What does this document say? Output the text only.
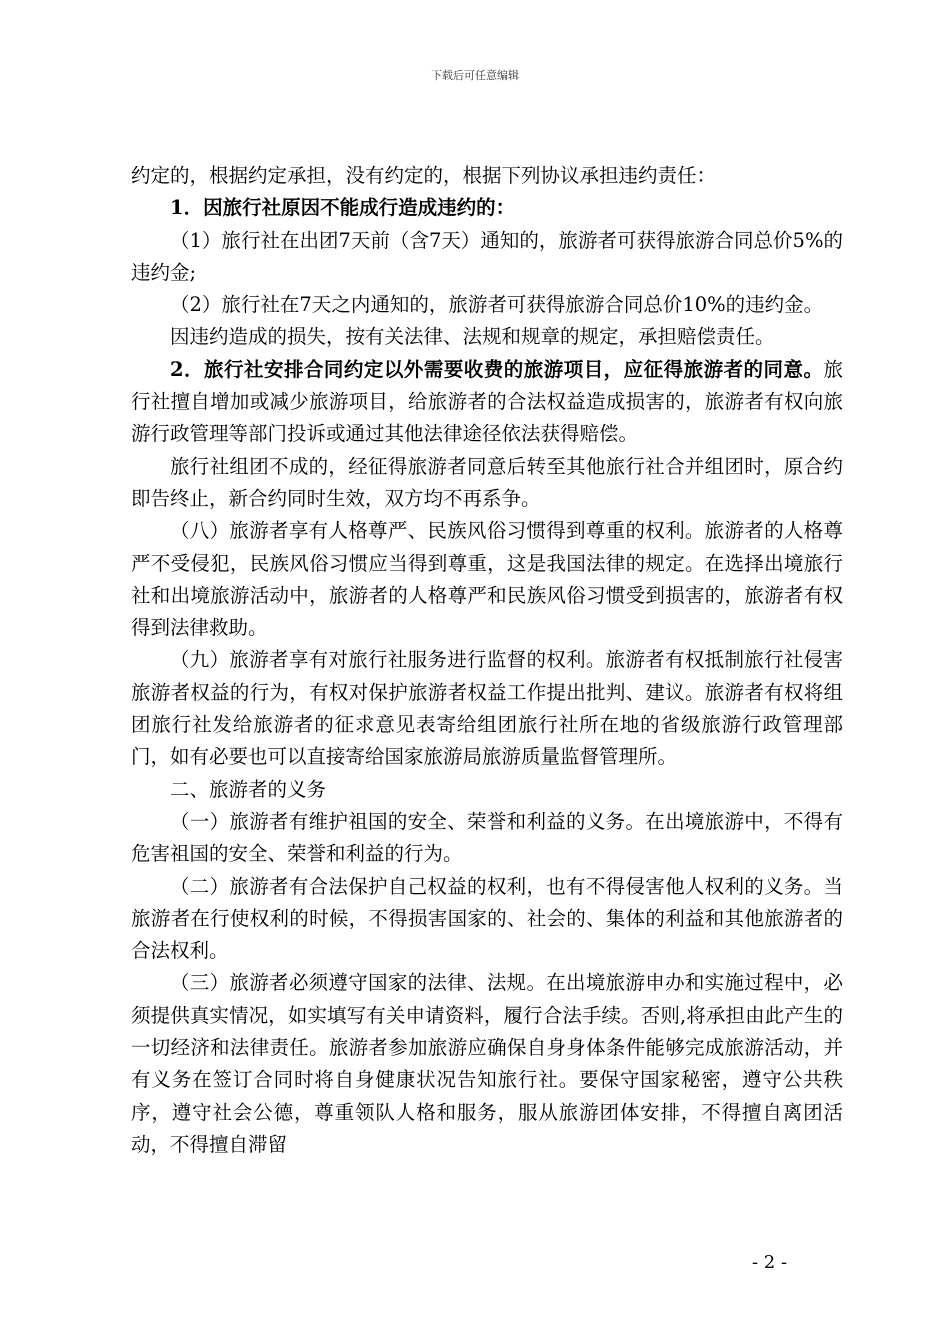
下载后可任意编辑

约定的，根据约定承担，没有约定的，根据下列协议承担违约责任：

1．因旅行社原因不能成行造成违约的：

（1）旅行社在出团7天前（含7天）通知的，旅游者可获得旅游合同总价5%的违约金;

（2）旅行社在7天之内通知的，旅游者可获得旅游合同总价10%的违约金。

因违约造成的损失，按有关法律、法规和规章的规定，承担赔偿责任。

2．旅行社安排合同约定以外需要收费的旅游项目，应征得旅游者的同意。旅行社擅自增加或减少旅游项目，给旅游者的合法权益造成损害的，旅游者有权向旅游行政管理等部门投诉或通过其他法律途径依法获得赔偿。

旅行社组团不成的，经征得旅游者同意后转至其他旅行社合并组团时，原合约即告终止，新合约同时生效，双方均不再系争。

（八）旅游者享有人格尊严、民族风俗习惯得到尊重的权利。旅游者的人格尊严不受侵犯，民族风俗习惯应当得到尊重，这是我国法律的规定。在选择出境旅行社和出境旅游活动中，旅游者的人格尊严和民族风俗习惯受到损害的，旅游者有权得到法律救助。

（九）旅游者享有对旅行社服务进行监督的权利。旅游者有权抵制旅行社侵害旅游者权益的行为，有权对保护旅游者权益工作提出批判、建议。旅游者有权将组团旅行社发给旅游者的征求意见表寄给组团旅行社所在地的省级旅游行政管理部门，如有必要也可以直接寄给国家旅游局旅游质量监督管理所。

二、旅游者的义务

（一）旅游者有维护祖国的安全、荣誉和利益的义务。在出境旅游中，不得有危害祖国的安全、荣誉和利益的行为。

（二）旅游者有合法保护自己权益的权利，也有不得侵害他人权利的义务。当旅游者在行使权利的时候，不得损害国家的、社会的、集体的利益和其他旅游者的合法权利。

（三）旅游者必须遵守国家的法律、法规。在出境旅游申办和实施过程中，必须提供真实情况，如实填写有关申请资料，履行合法手续。否则,将承担由此产生的一切经济和法律责任。旅游者参加旅游应确保自身身体条件能够完成旅游活动，并有义务在签订合同时将自身健康状况告知旅行社。要保守国家秘密，遵守公共秩序，遵守社会公德，尊重领队人格和服务，服从旅游团体安排，不得擅自离团活动，不得擅自滞留

- 2 -
